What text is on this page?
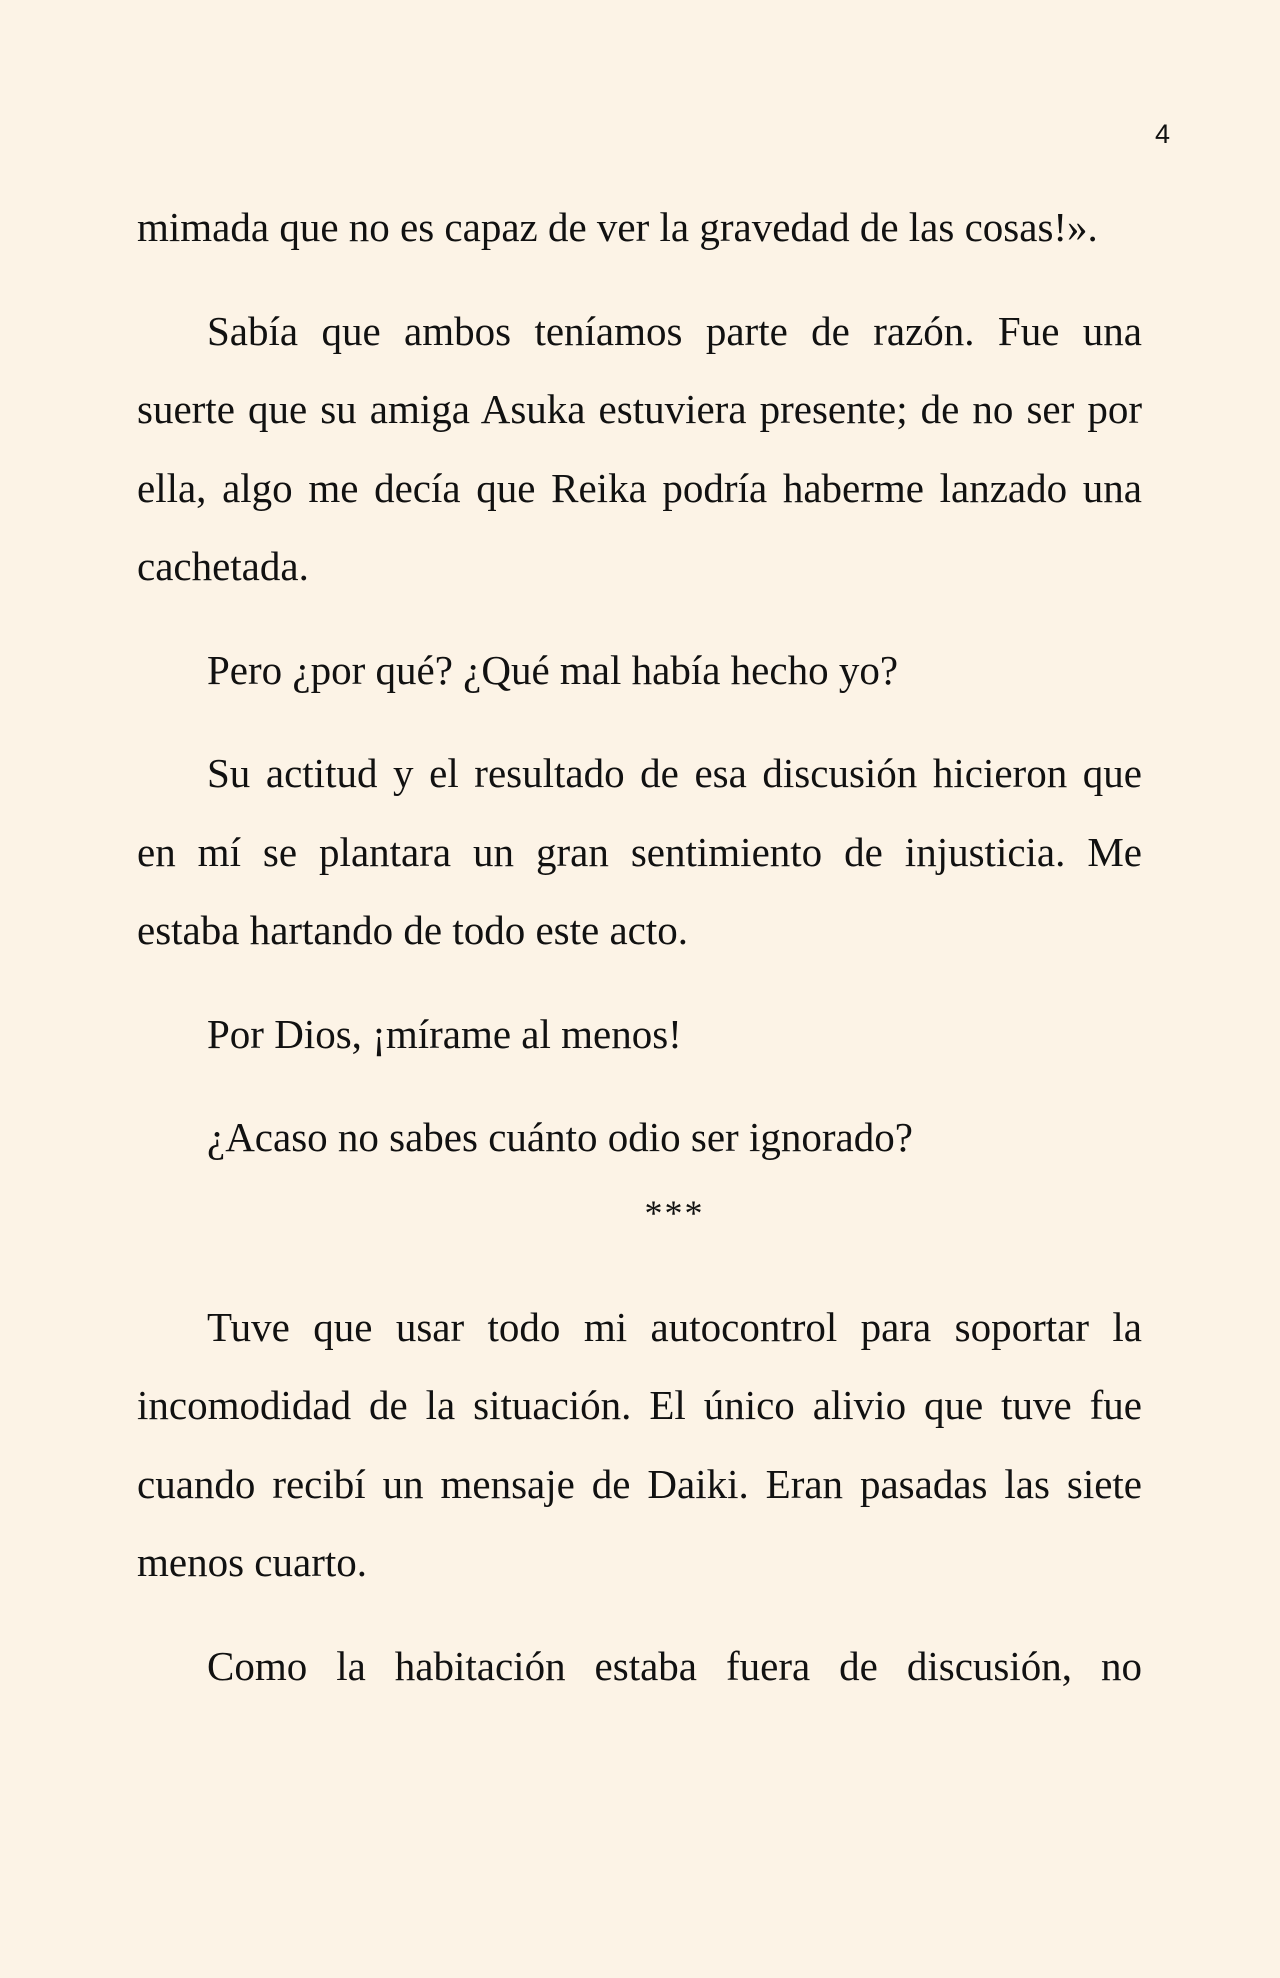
4

mimada que no es capaz de ver la gravedad de las cosas!».

Sabía que ambos teníamos parte de razón. Fue una suerte que su amiga Asuka estuviera presente; de no ser por ella, algo me decía que Reika podría haberme lanzado una cachetada.

Pero ¿por qué? ¿Qué mal había hecho yo?

Su actitud y el resultado de esa discusión hicieron que en mí se plantara un gran sentimiento de injusticia. Me estaba hartando de todo este acto.

Por Dios, ¡mírame al menos!

¿Acaso no sabes cuánto odio ser ignorado?

***

Tuve que usar todo mi autocontrol para soportar la incomodidad de la situación. El único alivio que tuve fue cuando recibí un mensaje de Daiki. Eran pasadas las siete menos cuarto.

Como la habitación estaba fuera de discusión, no
